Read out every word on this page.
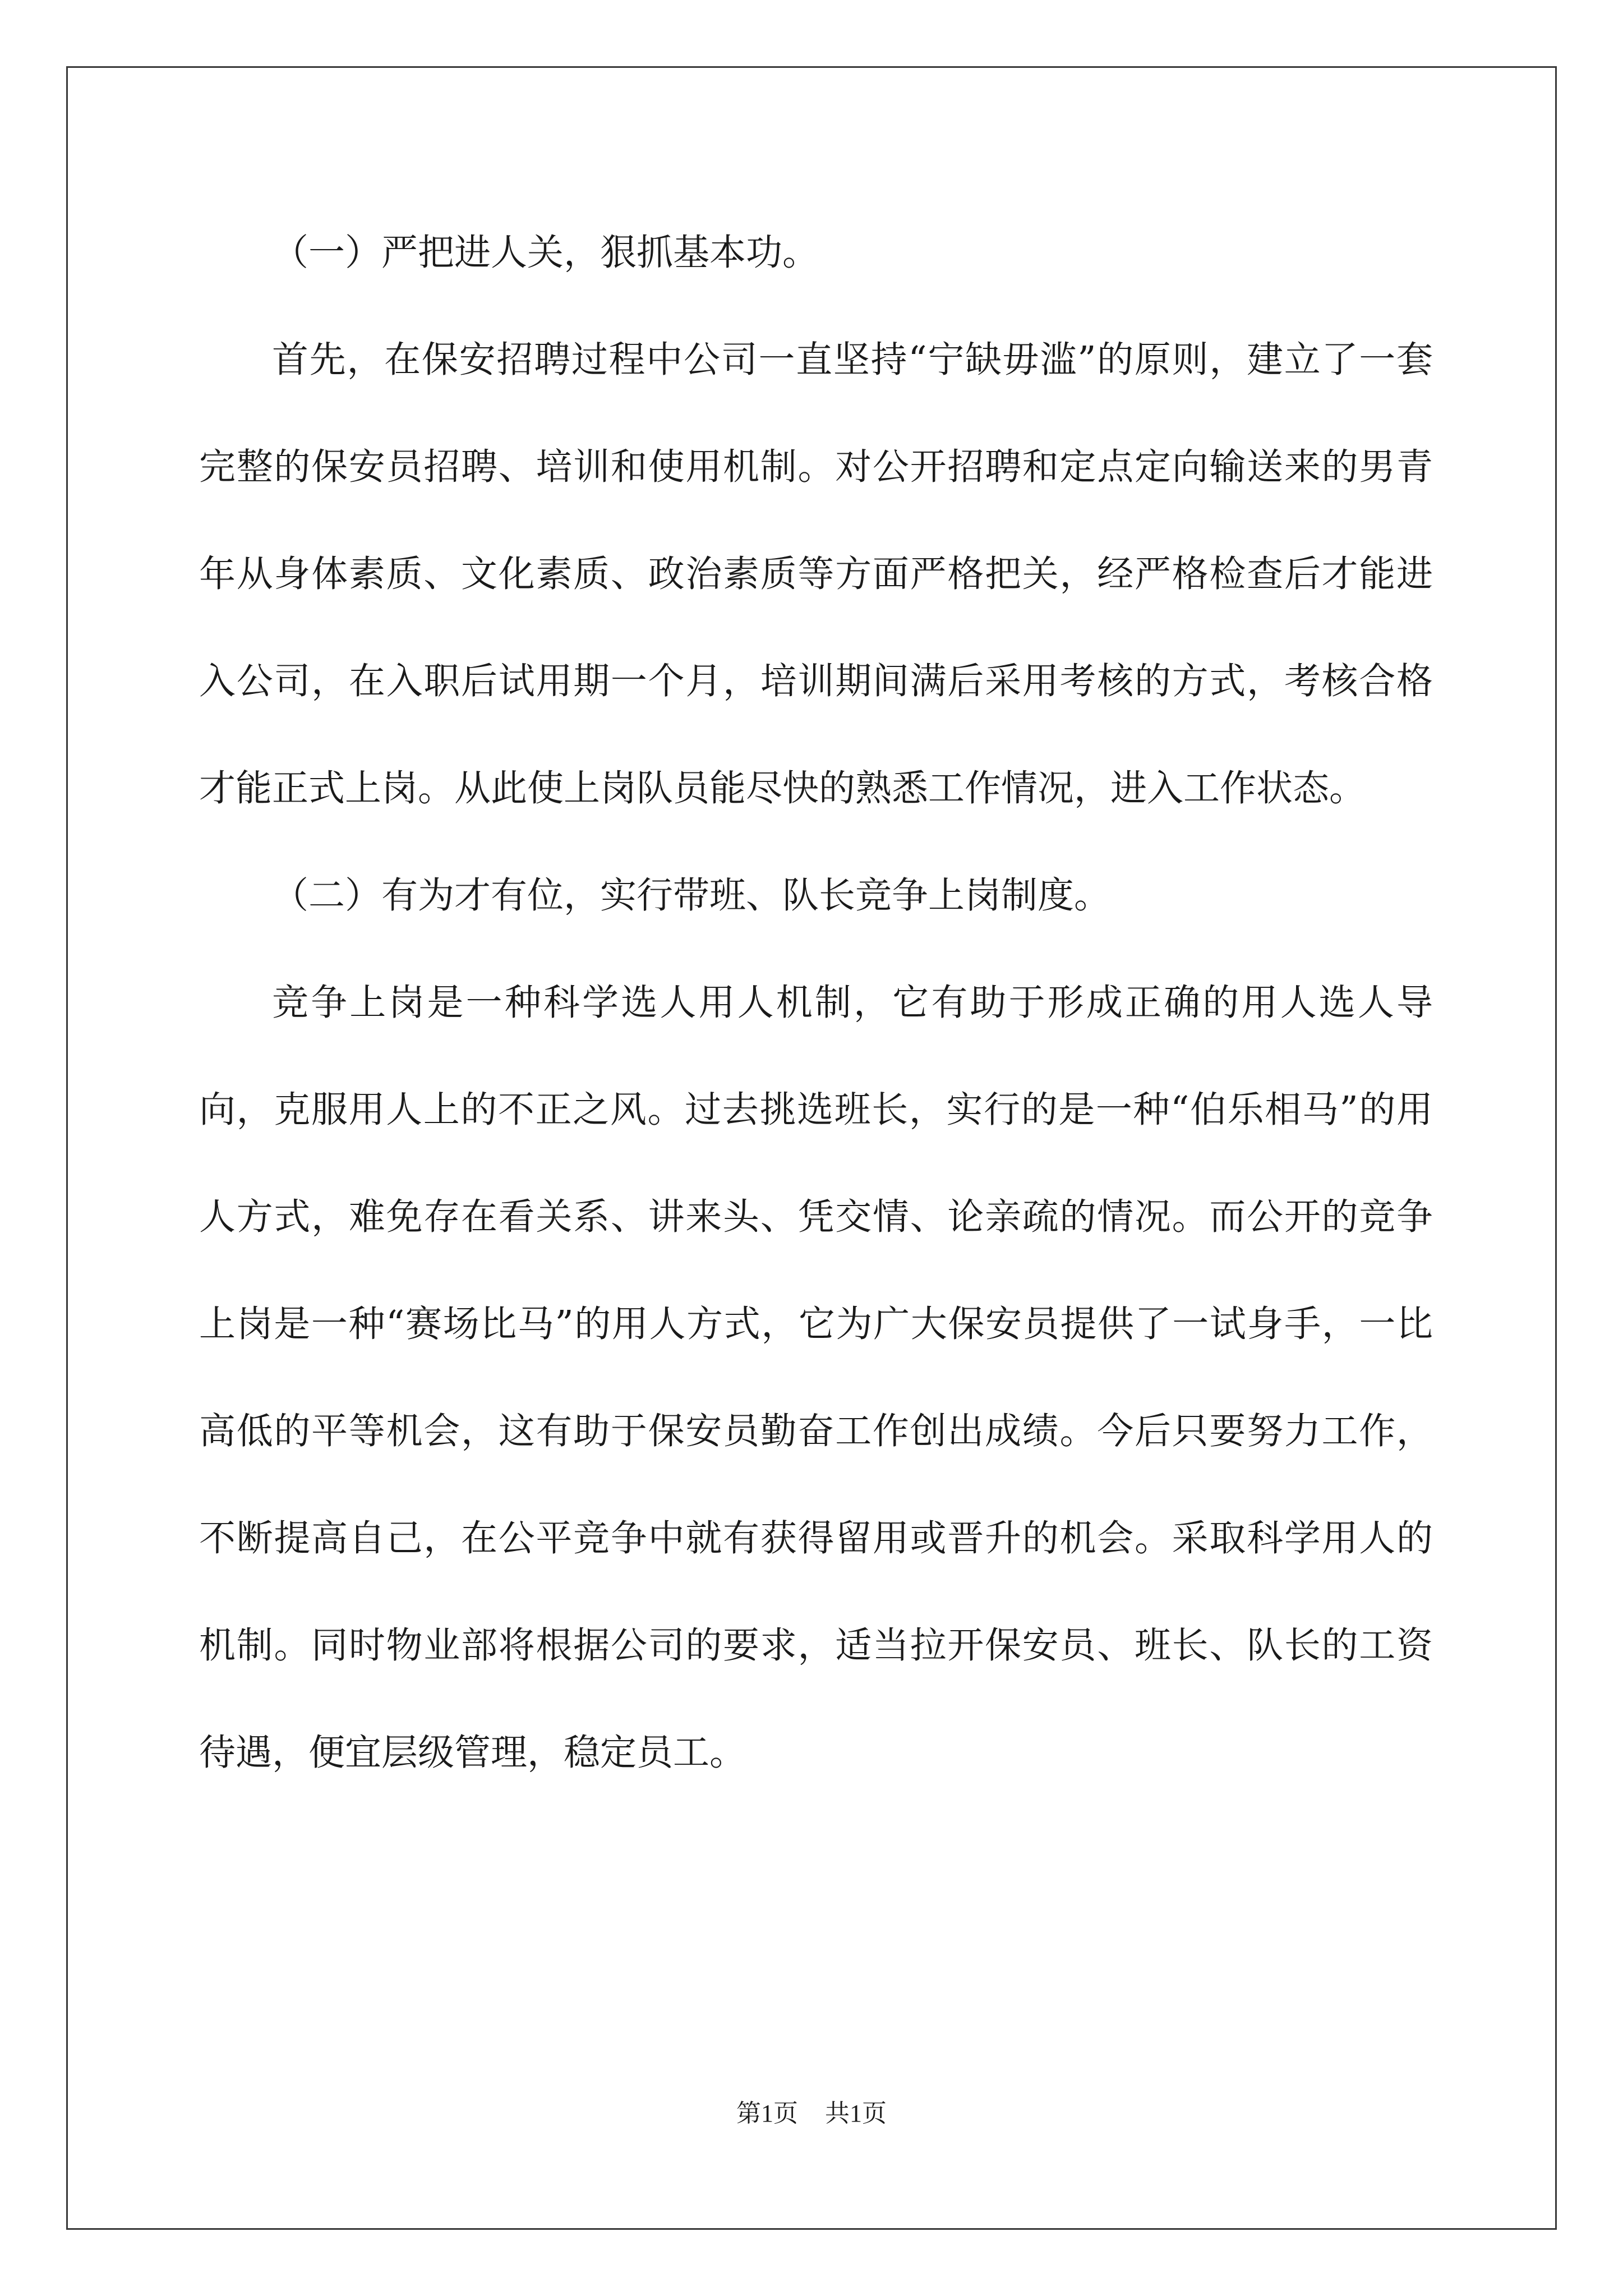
（一）严把进人关，狠抓基本功。

首先，在保安招聘过程中公司一直坚持“宁缺毋滥”的原则，建立了一套完整的保安员招聘、培训和使用机制。对公开招聘和定点定向输送来的男青年从身体素质、文化素质、政治素质等方面严格把关，经严格检查后才能进入公司，在入职后试用期一个月，培训期间满后采用考核的方式，考核合格才能正式上岗。从此使上岗队员能尽快的熟悉工作情况，进入工作状态。

（二）有为才有位，实行带班、队长竞争上岗制度。

竞争上岗是一种科学选人用人机制，它有助于形成正确的用人选人导向，克服用人上的不正之风。过去挑选班长，实行的是一种“伯乐相马”的用人方式，难免存在看关系、讲来头、凭交情、论亲疏的情况。而公开的竞争上岗是一种“赛场比马”的用人方式，它为广大保安员提供了一试身手，一比高低的平等机会，这有助于保安员勤奋工作创出成绩。今后只要努力工作，不断提高自己，在公平竞争中就有获得留用或晋升的机会。采取科学用人的机制。同时物业部将根据公司的要求，适当拉开保安员、班长、队长的工资待遇，便宜层级管理，稳定员工。

第1页 共1页
